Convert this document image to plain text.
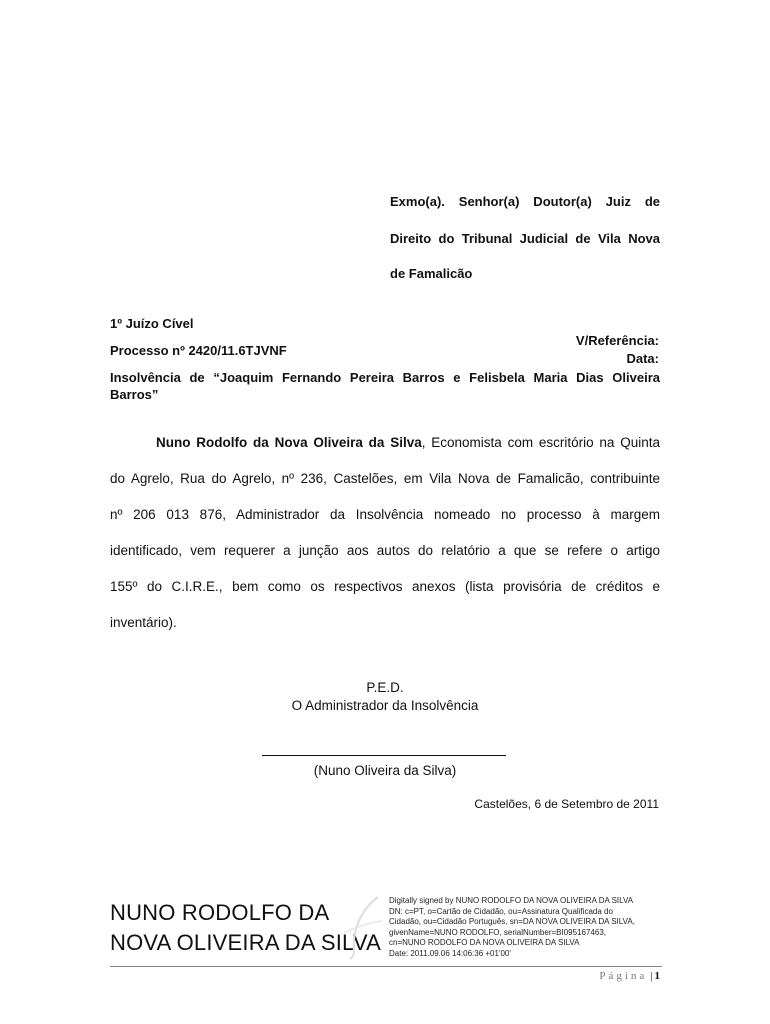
Exmo(a). Senhor(a) Doutor(a) Juiz de
Direito do Tribunal Judicial de Vila Nova
de Famalicão
1º Juízo Cível
Processo nº 2420/11.6TJVNF
V/Referência:
Data:
Insolvência de “Joaquim Fernando Pereira Barros e Felisbela Maria Dias Oliveira Barros”
Nuno Rodolfo da Nova Oliveira da Silva, Economista com escritório na Quinta
do Agrelo, Rua do Agrelo, nº 236, Castelões, em Vila Nova de Famalicão, contribuinte
nº 206 013 876, Administrador da Insolvência nomeado no processo à margem
identificado, vem requerer a junção aos autos do relatório a que se refere o artigo
155º do C.I.R.E., bem como os respectivos anexos (lista provisória de créditos e
inventário).
P.E.D.
O Administrador da Insolvência
(Nuno Oliveira da Silva)
Castelões, 6 de Setembro de 2011
NUNO RODOLFO DA
NOVA OLIVEIRA DA SILVA
Digitally signed by NUNO RODOLFO DA NOVA OLIVEIRA DA SILVA
DN: c=PT, o=Cartão de Cidadão, ou=Assinatura Qualificada do
Cidadão, ou=Cidadão Português, sn=DA NOVA OLIVEIRA DA SILVA,
givenName=NUNO RODOLFO, serialNumber=BI095167463,
cn=NUNO RODOLFO DA NOVA OLIVEIRA DA SILVA
Date: 2011.09.06 14:06:36 +01'00'
Página | 1
